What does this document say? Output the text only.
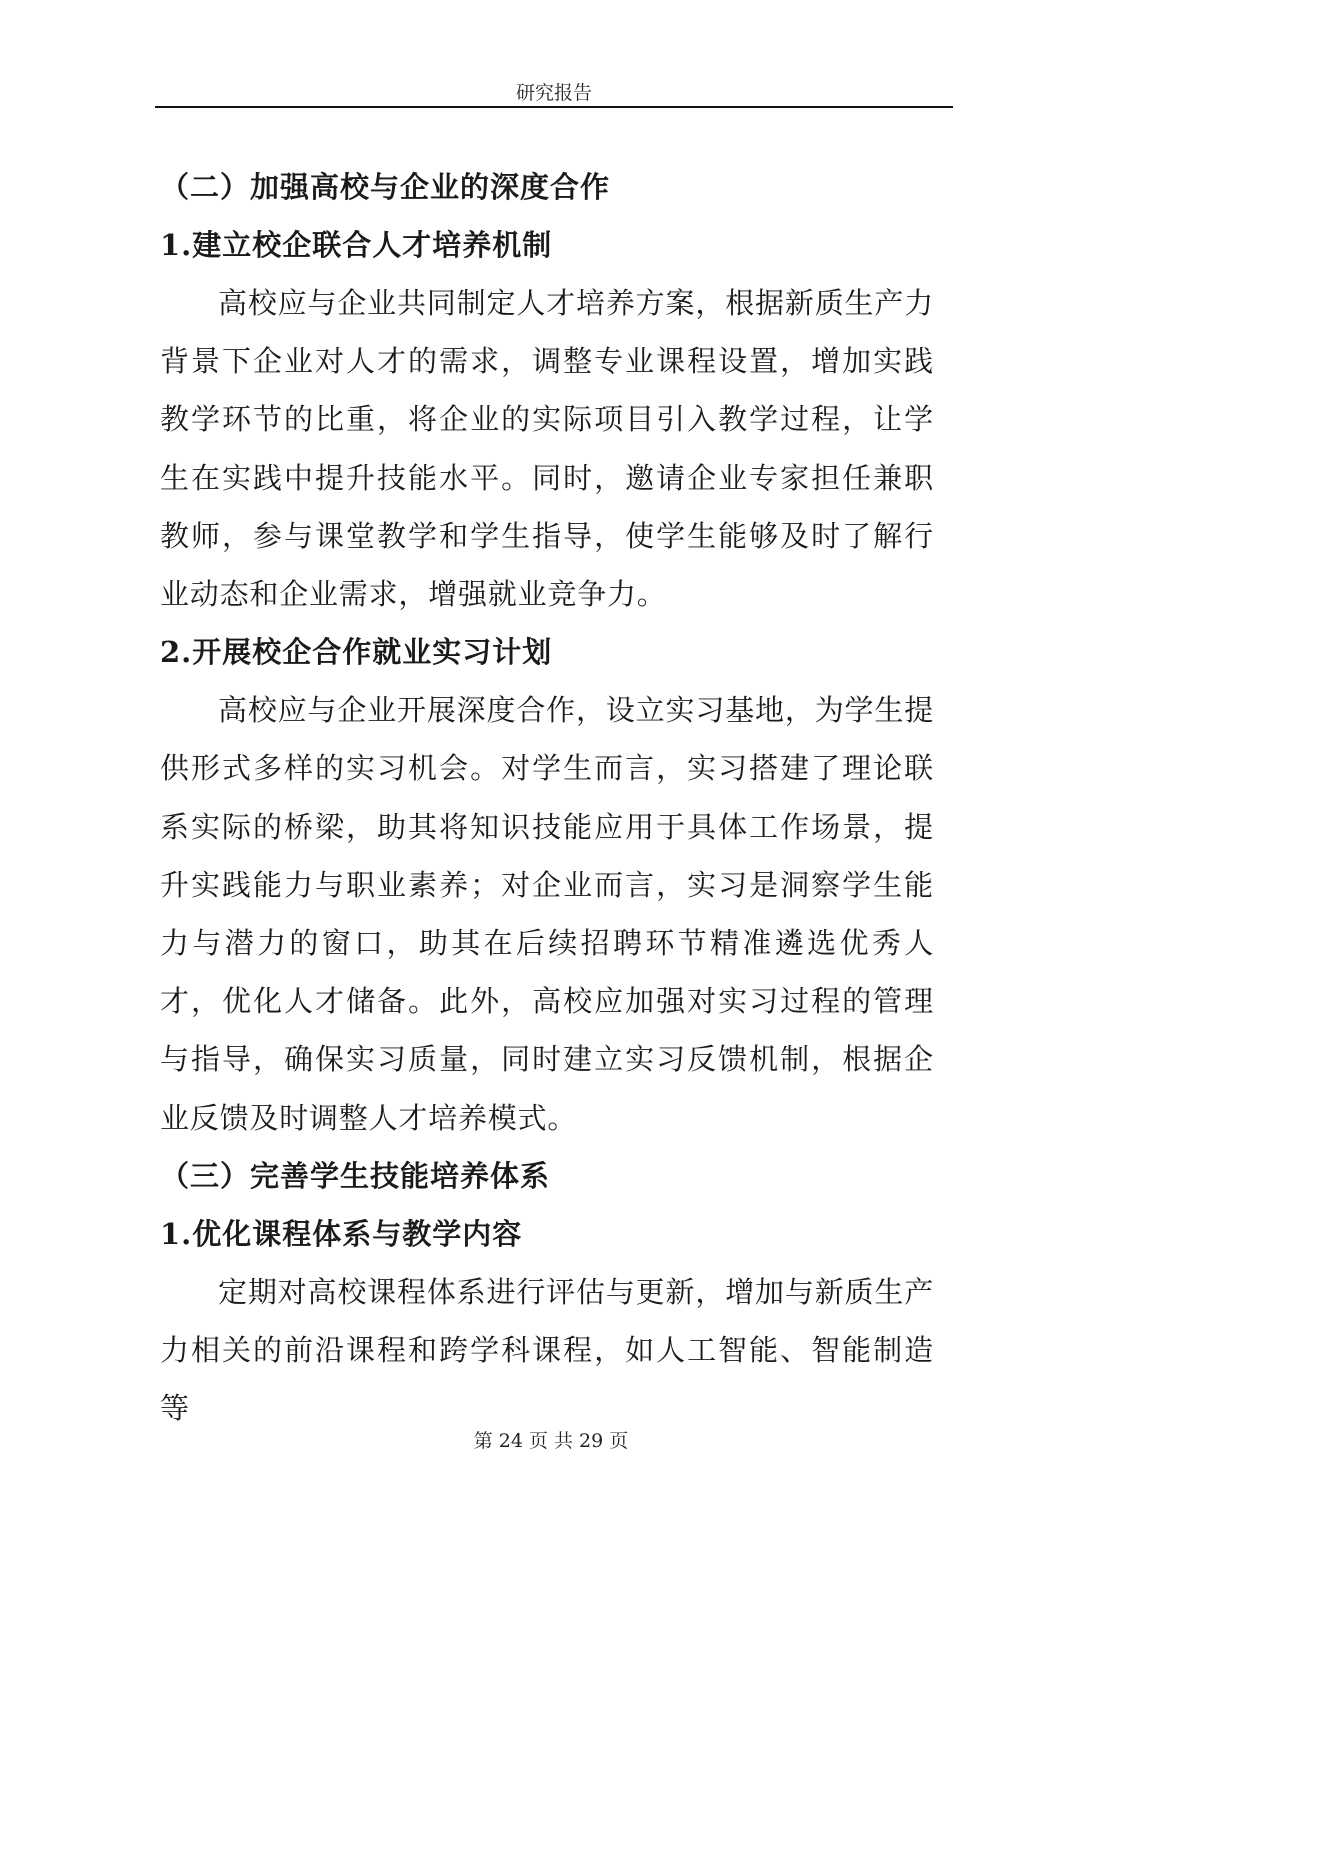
研究报告
（二）加强高校与企业的深度合作
1.建立校企联合人才培养机制

高校应与企业共同制定人才培养方案，根据新质生产力背景下企业对人才的需求，调整专业课程设置，增加实践教学环节的比重，将企业的实际项目引入教学过程，让学生在实践中提升技能水平。同时，邀请企业专家担任兼职教师，参与课堂教学和学生指导，使学生能够及时了解行业动态和企业需求，增强就业竞争力。

2.开展校企合作就业实习计划

高校应与企业开展深度合作，设立实习基地，为学生提供形式多样的实习机会。对学生而言，实习搭建了理论联系实际的桥梁，助其将知识技能应用于具体工作场景，提升实践能力与职业素养；对企业而言，实习是洞察学生能力与潜力的窗口，助其在后续招聘环节精准遴选优秀人才，优化人才储备。此外，高校应加强对实习过程的管理与指导，确保实习质量，同时建立实习反馈机制，根据企业反馈及时调整人才培养模式。

（三）完善学生技能培养体系
1.优化课程体系与教学内容

定期对高校课程体系进行评估与更新，增加与新质生产力相关的前沿课程和跨学科课程，如人工智能、智能制造等

第 24 页 共 29 页
